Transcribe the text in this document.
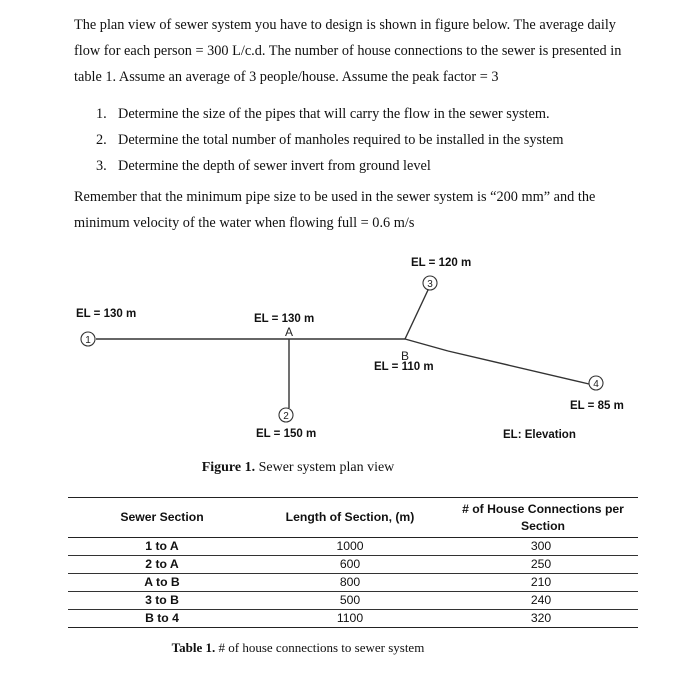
The plan view of sewer system you have to design is shown in figure below. The average daily flow for each person = 300 L/c.d. The number of house connections to the sewer is presented in table 1. Assume an average of 3 people/house. Assume the peak factor = 3
1. Determine the size of the pipes that will carry the flow in the sewer system.
2. Determine the total number of manholes required to be installed in the system
3. Determine the depth of sewer invert from ground level
Remember that the minimum pipe size to be used in the sewer system is “200 mm” and the minimum velocity of the water when flowing full = 0.6 m/s
1
2
3
4
EL = 130 m	EL = 130 m
EL = 150 m
EL = 120 m
EL = 110 m
EL = 85 m
EL: Elevation
A
B
Figure 1. Sewer system plan view
Sewer Section	Length of Section, (m)	# of House Connections per Section
1 to A	1000	300
2 to A	600	250
A to B	800	210
3 to B	500	240
B to 4	1100	320
Table 1. # of house connections to sewer system
